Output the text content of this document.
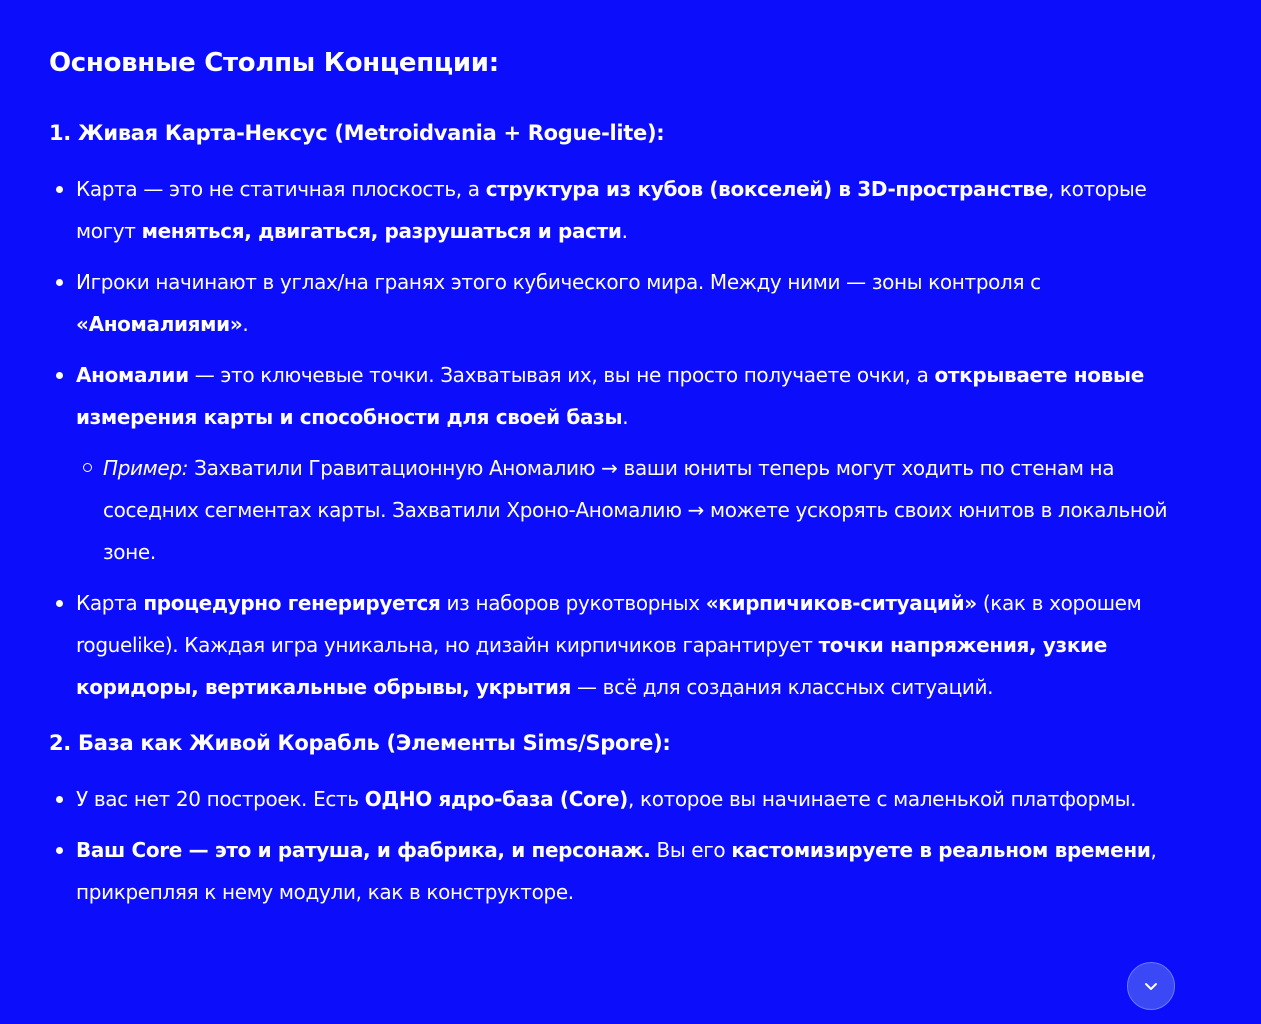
Основные Столпы Концепции:
1. Живая Карта-Нексус (Metroidvania + Rogue-lite):
Карта — это не статичная плоскость, а структура из кубов (вокселей) в 3D-пространстве, которые могут меняться, двигаться, разрушаться и расти.
Игроки начинают в углах/на гранях этого кубического мира. Между ними — зоны контроля с «Аномалиями».
Аномалии — это ключевые точки. Захватывая их, вы не просто получаете очки, а открываете новые измерения карты и способности для своей базы.
Пример: Захватили Гравитационную Аномалию → ваши юниты теперь могут ходить по стенам на соседних сегментах карты. Захватили Хроно-Аномалию → можете ускорять своих юнитов в локальной зоне.
Карта процедурно генерируется из наборов рукотворных «кирпичиков-ситуаций» (как в хорошем roguelike). Каждая игра уникальна, но дизайн кирпичиков гарантирует точки напряжения, узкие коридоры, вертикальные обрывы, укрытия — всё для создания классных ситуаций.
2. База как Живой Корабль (Элементы Sims/Spore):
У вас нет 20 построек. Есть ОДНО ядро-база (Core), которое вы начинаете с маленькой платформы.
Ваш Core — это и ратуша, и фабрика, и персонаж. Вы его кастомизируете в реальном времени, прикрепляя к нему модули, как в конструкторе.
